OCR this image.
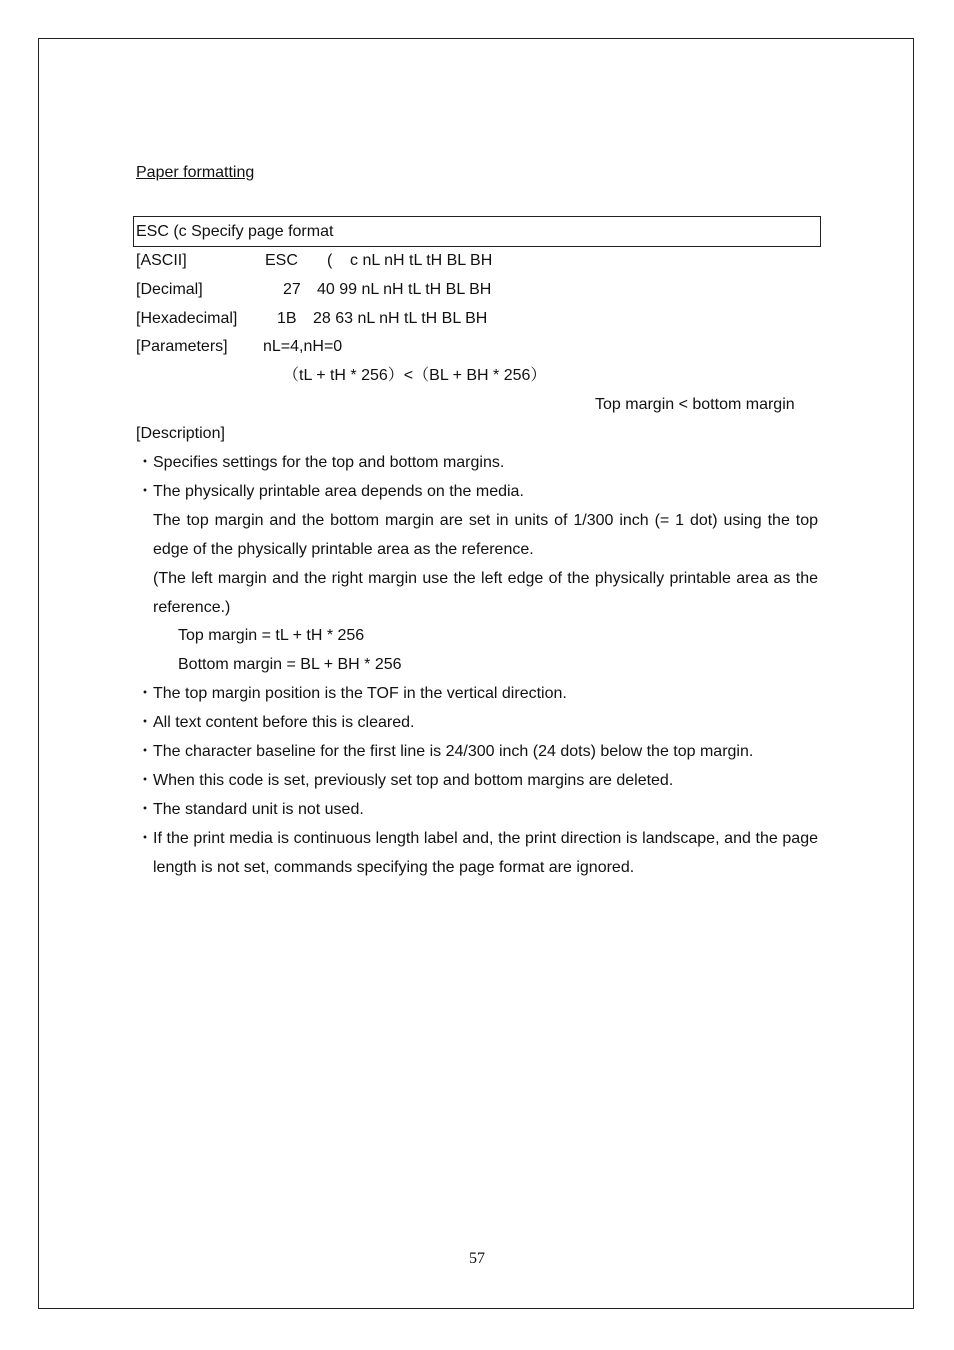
Paper formatting
ESC (c Specify page format
[ASCII]	ESC ( c nL nH tL tH BL BH
[Decimal]	27 40 99 nL nH tL tH BL BH
[Hexadecimal] 1B 28 63 nL nH tL tH BL BH
[Parameters] nL=4,nH=0
（tL + tH * 256）<（BL + BH * 256）
Top margin < bottom margin
[Description]
・ Specifies settings for the top and bottom margins.
・ The physically printable area depends on the media.
The top margin and the bottom margin are set in units of 1/300 inch (= 1 dot) using the top edge of the physically printable area as the reference.
(The left margin and the right margin use the left edge of the physically printable area as the reference.)
Top margin = tL + tH * 256
Bottom margin = BL + BH * 256
・ The top margin position is the TOF in the vertical direction.
・ All text content before this is cleared.
・ The character baseline for the first line is 24/300 inch (24 dots) below the top margin.
・ When this code is set, previously set top and bottom margins are deleted.
・ The standard unit is not used.
・ If the print media is continuous length label and, the print direction is landscape, and the page length is not set, commands specifying the page format are ignored.
57
